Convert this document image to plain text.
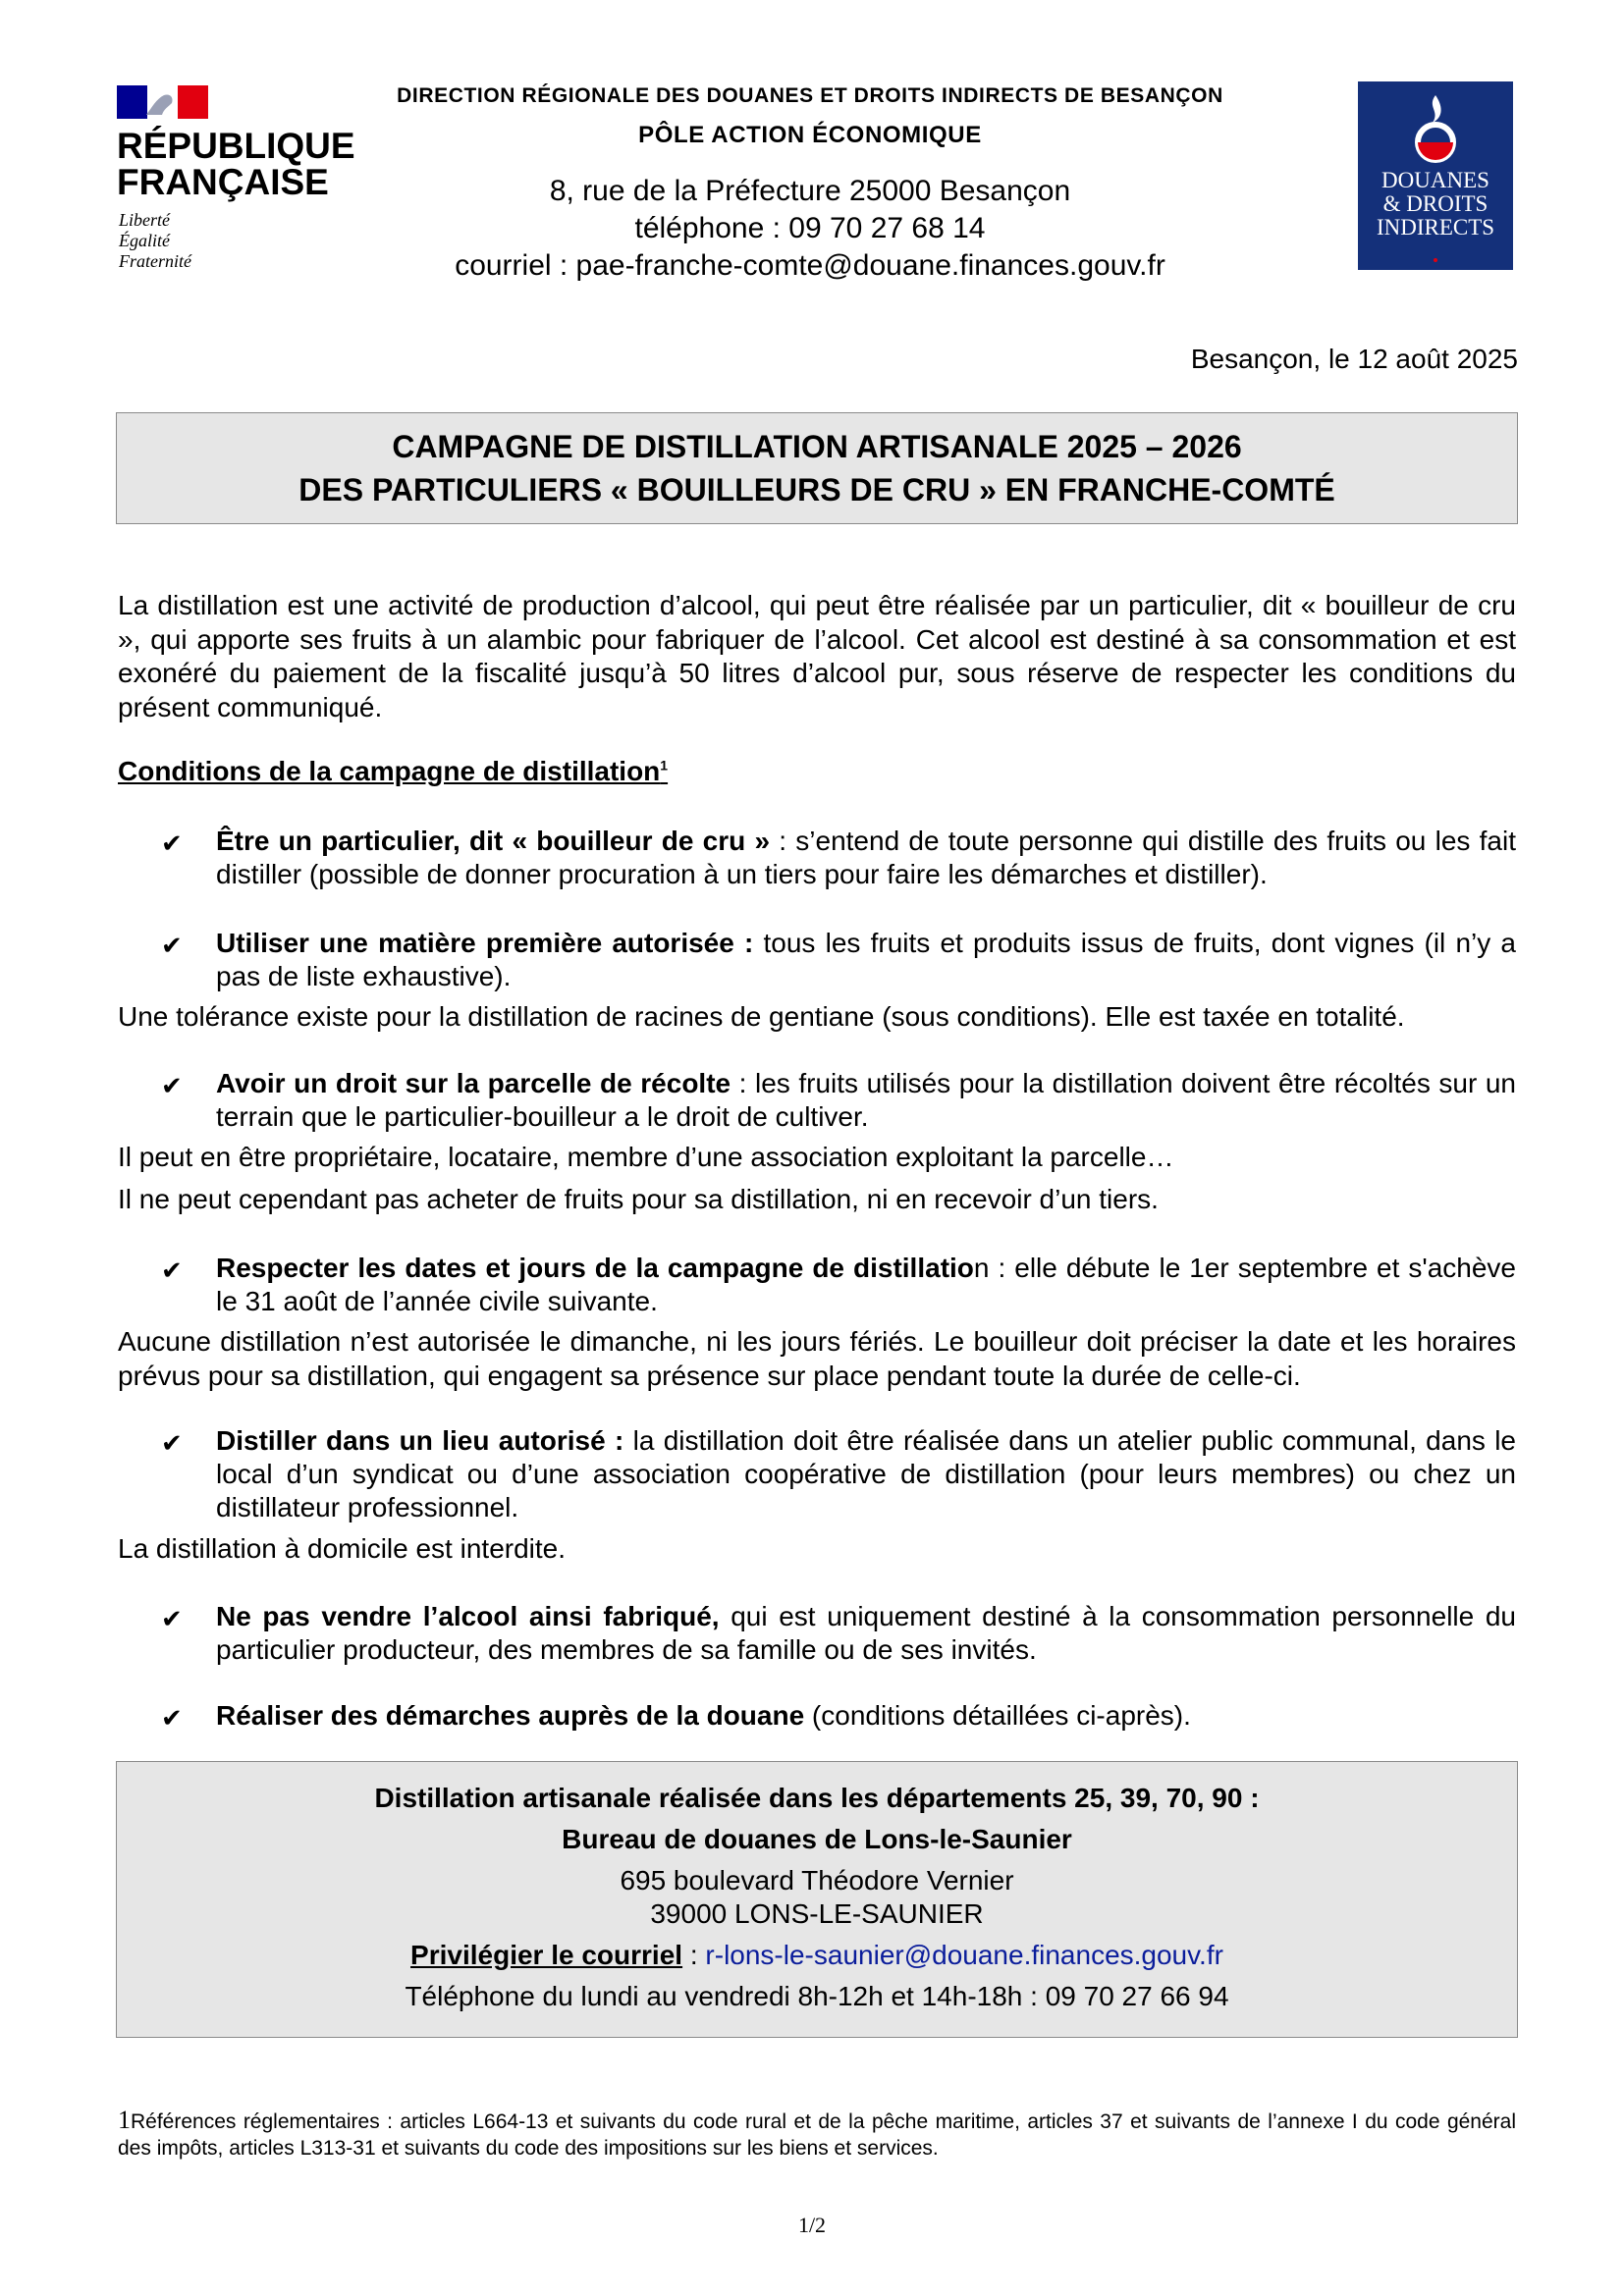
RÉPUBLIQUE
FRANÇAISE
Liberté
Égalité
Fraternité
DIRECTION RÉGIONALE DES DOUANES ET DROITS INDIRECTS DE BESANÇON
PÔLE ACTION ÉCONOMIQUE
8, rue de la Préfecture 25000 Besançon
téléphone : 09 70 27 68 14
courriel : pae-franche-comte@douane.finances.gouv.fr
DOUANES
& DROITS
INDIRECTS
Besançon, le 12 août 2025
CAMPAGNE DE DISTILLATION ARTISANALE 2025 – 2026
DES PARTICULIERS « BOUILLEURS DE CRU » EN FRANCHE-COMTÉ
La distillation est une activité de production d’alcool, qui peut être réalisée par un particulier, dit « bouilleur de cru », qui apporte ses fruits à un alambic pour fabriquer de l’alcool. Cet alcool est destiné à sa consommation et est exonéré du paiement de la fiscalité jusqu’à 50 litres d’alcool pur, sous réserve de respecter les conditions du présent communiqué.
Conditions de la campagne de distillation$^1$
✔ Être un particulier, dit « bouilleur de cru » : s’entend de toute personne qui distille des fruits ou les fait distiller (possible de donner procuration à un tiers pour faire les démarches et distiller).
✔ Utiliser une matière première autorisée : tous les fruits et produits issus de fruits, dont vignes (il n’y a pas de liste exhaustive).
Une tolérance existe pour la distillation de racines de gentiane (sous conditions). Elle est taxée en totalité.
✔ Avoir un droit sur la parcelle de récolte : les fruits utilisés pour la distillation doivent être récoltés sur un terrain que le particulier-bouilleur a le droit de cultiver.
Il peut en être propriétaire, locataire, membre d’une association exploitant la parcelle…
Il ne peut cependant pas acheter de fruits pour sa distillation, ni en recevoir d’un tiers.
✔ Respecter les dates et jours de la campagne de distillation : elle débute le 1er septembre et s'achève le 31 août de l’année civile suivante.
Aucune distillation n’est autorisée le dimanche, ni les jours fériés. Le bouilleur doit préciser la date et les horaires prévus pour sa distillation, qui engagent sa présence sur place pendant toute la durée de celle-ci.
✔ Distiller dans un lieu autorisé : la distillation doit être réalisée dans un atelier public communal, dans le local d’un syndicat ou d’une association coopérative de distillation (pour leurs membres) ou chez un distillateur professionnel.
La distillation à domicile est interdite.
✔ Ne pas vendre l’alcool ainsi fabriqué, qui est uniquement destiné à la consommation personnelle du particulier producteur, des membres de sa famille ou de ses invités.
✔ Réaliser des démarches auprès de la douane (conditions détaillées ci-après).
Distillation artisanale réalisée dans les départements 25, 39, 70, 90 :
Bureau de douanes de Lons-le-Saunier
695 boulevard Théodore Vernier
39000 LONS-LE-SAUNIER
Privilégier le courriel : r-lons-le-saunier@douane.finances.gouv.fr
Téléphone du lundi au vendredi 8h-12h et 14h-18h : 09 70 27 66 94
1Références réglementaires : articles L664-13 et suivants du code rural et de la pêche maritime, articles 37 et suivants de l’annexe I du code général des impôts, articles L313-31 et suivants du code des impositions sur les biens et services.
1/2
